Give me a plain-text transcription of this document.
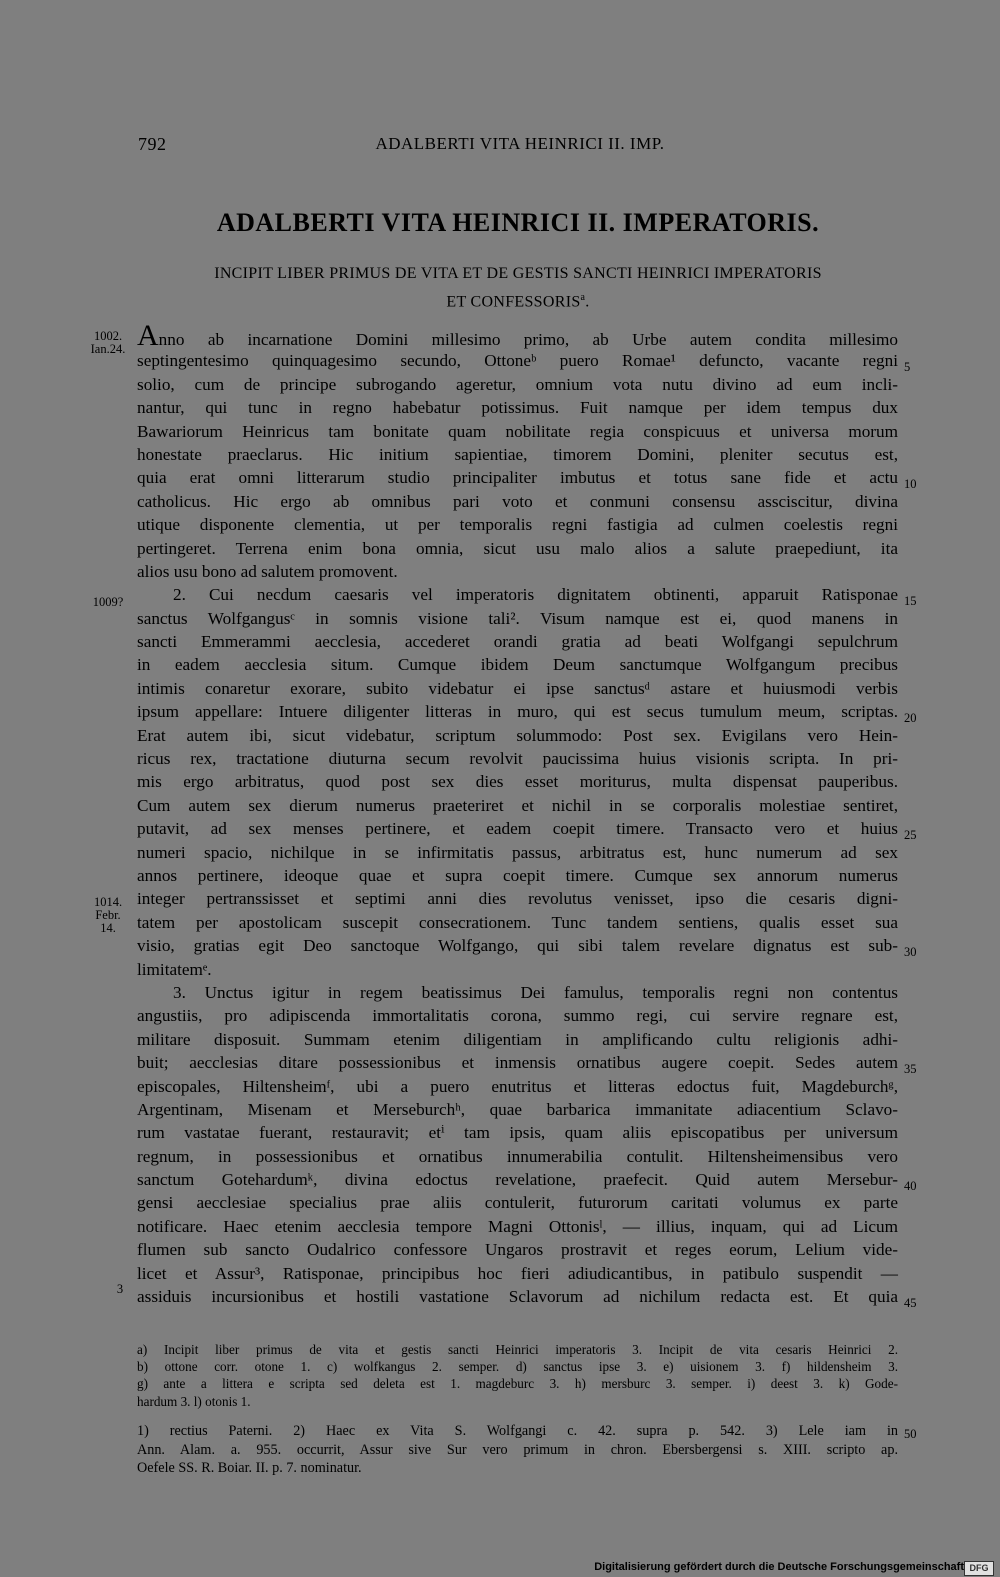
792	ADALBERTI VITA HEINRICI II. IMP.
ADALBERTI VITA HEINRICI II. IMPERATORIS.
INCIPIT LIBER PRIMUS DE VITA ET DE GESTIS SANCTI HEINRICI IMPERATORIS
ET CONFESSORIS$^a$.
1002.
Ian.24.
1009?
1014.
Febr.
14.
3
5
10
15
20
25
30
35
40
45
50
Anno ab incarnatione Domini millesimo primo, ab Urbe autem condita millesimo
septingentesimo quinquagesimo secundo, Ottoneᵇ puero Romae¹ defuncto, vacante regni
solio, cum de principe subrogando ageretur, omnium vota nutu divino ad eum incli-
nantur, qui tunc in regno habebatur potissimus. Fuit namque per idem tempus dux
Bawariorum Heinricus tam bonitate quam nobilitate regia conspicuus et universa morum
honestate praeclarus. Hic initium sapientiae, timorem Domini, pleniter secutus est,
quia erat omni litterarum studio principaliter imbutus et totus sane fide et actu
catholicus. Hic ergo ab omnibus pari voto et conmuni consensu assciscitur, divina
utique disponente clementia, ut per temporalis regni fastigia ad culmen coelestis regni
pertingeret. Terrena enim bona omnia, sicut usu malo alios a salute praepediunt, ita
alios usu bono ad salutem promovent.
2. Cui necdum caesaris vel imperatoris dignitatem obtinenti, apparuit Ratisponae
sanctus Wolfgangusᶜ in somnis visione tali². Visum namque est ei, quod manens in
sancti Emmerammi aecclesia, accederet orandi gratia ad beati Wolfgangi sepulchrum
in eadem aecclesia situm. Cumque ibidem Deum sanctumque Wolfgangum precibus
intimis conaretur exorare, subito videbatur ei ipse sanctusᵈ astare et huiusmodi verbis
ipsum appellare: Intuere diligenter litteras in muro, qui est secus tumulum meum, scriptas.
Erat autem ibi, sicut videbatur, scriptum solummodo: Post sex. Evigilans vero Hein-
ricus rex, tractatione diuturna secum revolvit paucissima huius visionis scripta. In pri-
mis ergo arbitratus, quod post sex dies esset moriturus, multa dispensat pauperibus.
Cum autem sex dierum numerus praeteriret et nichil in se corporalis molestiae sentiret,
putavit, ad sex menses pertinere, et eadem coepit timere. Transacto vero et huius
numeri spacio, nichilque in se infirmitatis passus, arbitratus est, hunc numerum ad sex
annos pertinere, ideoque quae et supra coepit timere. Cumque sex annorum numerus
integer pertranssisset et septimi anni dies revolutus venisset, ipso die cesaris digni-
tatem per apostolicam suscepit consecrationem. Tunc tandem sentiens, qualis esset sua
visio, gratias egit Deo sanctoque Wolfgango, qui sibi talem revelare dignatus est sub-
limitatemᵉ.
3. Unctus igitur in regem beatissimus Dei famulus, temporalis regni non contentus
angustiis, pro adipiscenda immortalitatis corona, summo regi, cui servire regnare est,
militare disposuit. Summam etenim diligentiam in amplificando cultu religionis adhi-
buit; aecclesias ditare possessionibus et inmensis ornatibus augere coepit. Sedes autem
episcopales, Hiltensheimᶠ, ubi a puero enutritus et litteras edoctus fuit, Magdeburchᵍ,
Argentinam, Misenam et Merseburchʰ, quae barbarica immanitate adiacentium Sclavo-
rum vastatae fuerant, restauravit; etⁱ tam ipsis, quam aliis episcopatibus per universum
regnum, in possessionibus et ornatibus innumerabilia contulit. Hiltensheimensibus vero
sanctum Gotehardumᵏ, divina edoctus revelatione, praefecit. Quid autem Mersebur-
gensi aecclesiae specialius prae aliis contulerit, futurorum caritati volumus ex parte
notificare. Haec etenim aecclesia tempore Magni Ottonisˡ, — illius, inquam, qui ad Licum
flumen sub sancto Oudalrico confessore Ungaros prostravit et reges eorum, Lelium vide-
licet et Assur³, Ratisponae, principibus hoc fieri adiudicantibus, in patibulo suspendit —
assiduis incursionibus et hostili vastatione Sclavorum ad nichilum redacta est. Et quia
a) Incipit liber primus de vita et gestis sancti Heinrici imperatoris 3. Incipit de vita cesaris Heinrici 2.
b) ottone corr. otone 1. c) wolfkangus 2. semper. d) sanctus ipse 3. e) uisionem 3. f) hildensheim 3.
g) ante a littera e scripta sed deleta est 1. magdeburc 3. h) mersburc 3. semper. i) deest 3. k) Gode-
hardum 3. l) otonis 1.
1) rectius Paterni. 2) Haec ex Vita S. Wolfgangi c. 42. supra p. 542. 3) Lele iam in
Ann. Alam. a. 955. occurrit, Assur sive Sur vero primum in chron. Ebersbergensi s. XIII. scripto ap.
Oefele SS. R. Boiar. II. p. 7. nominatur.
Digitalisierung gefördert durch die Deutsche Forschungsgemeinschaft DFG
